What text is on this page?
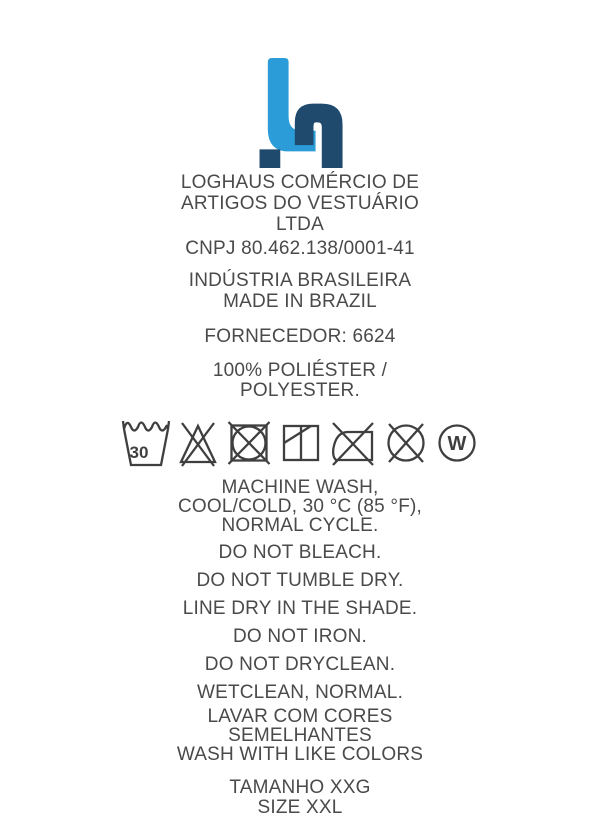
LOGHAUS COMÉRCIO DE
ARTIGOS DO VESTUÁRIO
LTDA
CNPJ 80.462.138/0001-41
INDÚSTRIA BRASILEIRA
MADE IN BRAZIL
FORNECEDOR: 6624
100% POLIÉSTER /
POLYESTER.
30	W
MACHINE WASH,
COOL/COLD, 30 °C (85 °F),
NORMAL CYCLE.
DO NOT BLEACH.
DO NOT TUMBLE DRY.
LINE DRY IN THE SHADE.
DO NOT IRON.
DO NOT DRYCLEAN.
WETCLEAN, NORMAL.
LAVAR COM CORES
SEMELHANTES
WASH WITH LIKE COLORS
TAMANHO XXG
SIZE XXL
